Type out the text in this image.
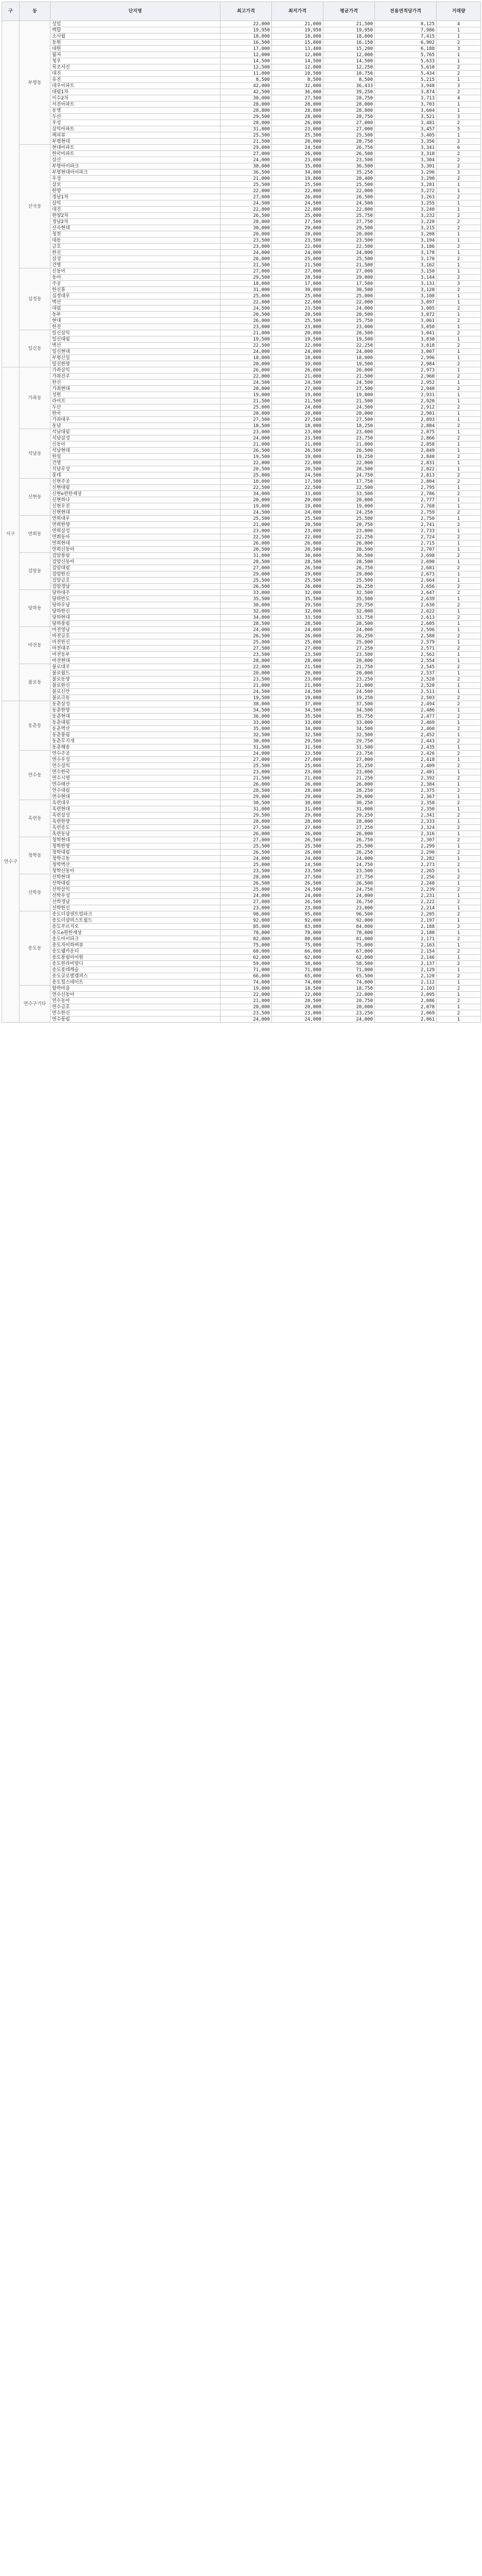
구	동	단지명	최고가격	최저가격	평균가격	전용면적당가격	거래량
	부평동	성일	22,000	21,000	21,500	8,125	4
		백합	19,950	19,950	19,950	7,986	1
		소사월	18,000	18,000	18,000	7,415	1
		동원	16,500	15,800	16,150	6,902	2
		대원	17,000	13,400	15,200	6,188	3
		월자	12,000	12,000	12,000	5,765	1
		청우	14,500	14,500	14,500	5,633	1
		목조서신	12,500	12,000	12,250	5,610	2
		대진	11,000	10,500	10,750	5,434	2
		유진	8,500	8,500	8,500	5,215	1
		대우아파트	42,000	32,000	36,433	3,948	3
		대림1차	42,500	36,000	39,250	3,874	2
		이수2차	30,000	27,500	28,750	3,713	4
		서진아파트	28,000	28,000	28,000	3,703	1
		동명	28,800	28,800	28,800	3,604	1
		두산	29,500	28,000	28,750	3,521	3
		우성	28,000	26,000	27,000	3,481	2
		삼익아파트	31,000	23,000	27,000	3,457	5
		해피뷰	25,500	25,500	25,500	3,405	1
		부평현대	21,500	20,000	20,750	3,356	2
	산곡동	현대아파트	29,000	24,500	26,750	3,341	6
		한국아파트	27,000	26,000	26,500	3,318	2
		삼산	24,000	23,000	23,500	3,304	2
		부평아이파크	38,000	35,000	36,500	3,301	2
		부평현대아이파크	36,500	34,000	35,250	3,296	3
		우성	21,000	19,800	20,400	3,290	2
		삼보	25,500	25,500	25,500	3,281	1
		한양	22,000	22,000	22,000	3,272	1
		경남1차	27,000	26,000	26,500	3,263	2
		삼익	24,500	24,500	24,500	3,255	1
		대진	22,800	22,800	22,800	3,240	1
		한양2차	26,500	25,000	25,750	3,232	2
		경남2차	28,000	27,500	27,750	3,220	2
		산곡현대	30,000	29,000	29,500	3,215	2
		청천	20,000	20,000	20,000	3,208	1
		대동	23,500	23,500	23,500	3,194	1
		금호	23,000	22,000	22,500	3,186	2
		한신	24,000	24,000	24,000	3,178	1
		삼성	26,000	25,000	25,500	3,170	2
		건영	21,500	21,500	21,500	3,162	1
	십정동	신동아	27,000	27,000	27,000	3,150	1
		동아	29,500	28,500	29,000	3,144	2
		주공	18,000	17,000	17,500	3,131	3
		한신휴	31,000	30,000	30,500	3,120	2
		십정대우	25,000	25,000	25,000	3,108	1
		벽산	22,000	22,000	22,000	3,097	1
		대림	24,500	23,500	24,000	3,085	2
		동부	20,500	20,500	20,500	3,072	1
		현대	26,000	25,500	25,750	3,061	2
		한진	23,000	23,000	23,000	3,050	1
	일신동	일신삼익	21,000	20,000	20,500	3,041	2
		일신대림	19,500	19,500	19,500	3,030	1
		벽산	22,500	22,000	22,250	3,018	2
		일신현대	24,000	24,000	24,000	3,007	1
		부평신일	18,000	18,000	18,000	2,996	1
		일신한양	20,000	19,000	19,500	2,984	2
서구	가좌동	가좌삼익	26,000	26,000	26,000	2,973	1
		가좌진주	22,000	21,000	21,500	2,960	2
		한신	24,500	24,500	24,500	2,952	1
		가좌현대	28,000	27,000	27,500	2,940	2
		성원	19,000	19,000	19,000	2,931	1
		라이프	21,500	21,500	21,500	2,920	1
		두산	25,000	24,000	24,500	2,912	2
		한국	20,000	20,000	20,000	2,901	1
		가좌대우	27,500	27,500	27,500	2,893	1
		동남	18,500	18,000	18,250	2,884	2
	석남동	석남대림	23,000	23,000	23,000	2,875	1
		석남삼성	24,000	23,500	23,750	2,866	2
		신동아	21,000	21,000	21,000	2,858	1
		석남현대	26,500	26,500	26,500	2,849	1
		한일	19,500	19,000	19,250	2,840	2
		건영	22,000	22,000	22,000	2,831	1
		석남우성	20,500	20,500	20,500	2,822	1
		롯데	25,000	24,500	24,750	2,813	2
	신현동	신현주공	18,000	17,500	17,750	2,804	2
		신현대림	22,500	22,500	22,500	2,795	1
		신현e편한세상	34,000	33,000	33,500	2,786	2
		신현하나	20,000	20,000	20,000	2,777	1
		신현우진	19,000	19,000	19,000	2,768	1
		신현현대	24,500	24,000	24,250	2,759	2
	연희동	연희대우	25,500	25,500	25,500	2,750	1
		연희한양	21,000	20,500	20,750	2,741	2
		연희삼성	23,000	23,000	23,000	2,733	1
		연희동아	22,500	22,000	22,250	2,724	2
		연희현대	26,000	26,000	26,000	2,715	1
		연희신동아	20,500	20,500	20,500	2,707	1
	검암동	검암풍림	31,000	30,000	30,500	2,698	2
		검암신동아	28,500	28,500	28,500	2,690	1
		검암대림	27,000	26,500	26,750	2,681	2
		검암한신	29,000	29,000	29,000	2,673	1
		검암금호	25,500	25,500	25,500	2,664	1
		검암경남	26,500	26,000	26,250	2,656	2
	당하동	당하대주	33,000	32,000	32,500	2,647	2
		당하반도	35,500	35,500	35,500	2,639	1
		당하우남	30,000	29,500	29,750	2,630	2
		당하한신	32,000	32,000	32,000	2,622	1
		당하현대	34,000	33,500	33,750	2,613	2
		당하풍림	28,500	28,500	28,500	2,605	1
	마전동	마전영남	24,000	24,000	24,000	2,596	1
		마전금호	26,500	26,000	26,250	2,588	2
		마전한신	25,000	25,000	25,000	2,579	1
		마전대주	27,500	27,000	27,250	2,571	2
		마전동부	23,500	23,500	23,500	2,562	1
		마전현대	28,000	28,000	28,000	2,554	1
	불로동	불로대주	22,000	21,500	21,750	2,545	2
		불로월드	20,000	20,000	20,000	2,537	1
		불로동양	23,500	23,000	23,250	2,528	2
		불로한신	21,000	21,000	21,000	2,520	1
		불로신안	24,500	24,500	24,500	2,511	1
		불로극동	19,500	19,000	19,250	2,503	2
연수구	동춘동	동춘삼성	38,000	37,000	37,500	2,494	2
		동춘한양	34,500	34,500	34,500	2,486	1
		동춘현대	36,000	35,500	35,750	2,477	2
		동춘대림	33,000	33,000	33,000	2,469	1
		동춘벽산	35,000	34,000	34,500	2,460	2
		동춘풍림	32,500	32,500	32,500	2,452	1
		동춘무지개	30,000	29,500	29,750	2,443	2
		동춘해송	31,500	31,500	31,500	2,435	1
	연수동	연수주공	24,000	23,500	23,750	2,426	2
		연수우성	27,000	27,000	27,000	2,418	1
		연수삼익	25,500	25,000	25,250	2,409	2
		연수한국	23,000	23,000	23,000	2,401	1
		연수시영	21,500	21,000	21,250	2,392	2
		연수태산	26,000	26,000	26,000	2,384	1
		연수대림	28,500	28,000	28,250	2,375	2
		연수현대	29,000	29,000	29,000	2,367	1
	옥련동	옥련대우	30,500	30,000	30,250	2,358	2
		옥련현대	31,000	31,000	31,000	2,350	1
		옥련삼성	29,500	29,000	29,250	2,341	2
		옥련한양	28,000	28,000	28,000	2,333	1
		옥련송도	27,500	27,000	27,250	2,324	2
		옥련동남	26,000	26,000	26,000	2,316	1
	청학동	청학현대	27,000	26,500	26,750	2,307	2
		청학한양	25,500	25,500	25,500	2,299	1
		청학대림	26,500	26,000	26,250	2,290	2
		청학극동	24,000	24,000	24,000	2,282	1
		청학벽산	25,000	24,500	24,750	2,273	2
		청학신동아	23,500	23,500	23,500	2,265	1
	선학동	선학현대	28,000	27,500	27,750	2,256	2
		선학대림	26,500	26,500	26,500	2,248	1
		선학삼익	25,000	24,500	24,750	2,239	2
		선학우성	24,000	24,000	24,000	2,231	1
		선학경남	27,000	26,500	26,750	2,222	2
		선학한신	23,000	23,000	23,000	2,214	1
	송도동	송도더샵센트럴파크	98,000	95,000	96,500	2,205	2
		송도더샵퍼스트월드	92,000	92,000	92,000	2,197	1
		송도푸르지오	85,000	83,000	84,000	2,188	2
		송도e편한세상	78,000	78,000	78,000	2,180	1
		송도아이파크	82,000	80,000	81,000	2,171	2
		송도자이하버뷰	75,000	75,000	75,000	2,163	1
		송도웰카운티	68,000	66,000	67,000	2,154	2
		송도풍림아이원	62,000	62,000	62,000	2,146	1
		송도한라비발디	59,000	58,000	58,500	2,137	2
		송도롯데캐슬	71,000	71,000	71,000	2,129	1
		송도글로벌캠퍼스	66,000	65,000	65,500	2,120	2
		송도힐스테이트	74,000	74,000	74,000	2,112	1
	연수구기타	함박마을	19,000	18,500	18,750	2,103	2
		연수신동아	22,000	22,000	22,000	2,095	1
		연수동아	21,000	20,500	20,750	2,086	2
		연수금호	20,000	20,000	20,000	2,078	1
		연수한신	23,500	23,000	23,250	2,069	2
		연수풍림	24,000	24,000	24,000	2,061	1
